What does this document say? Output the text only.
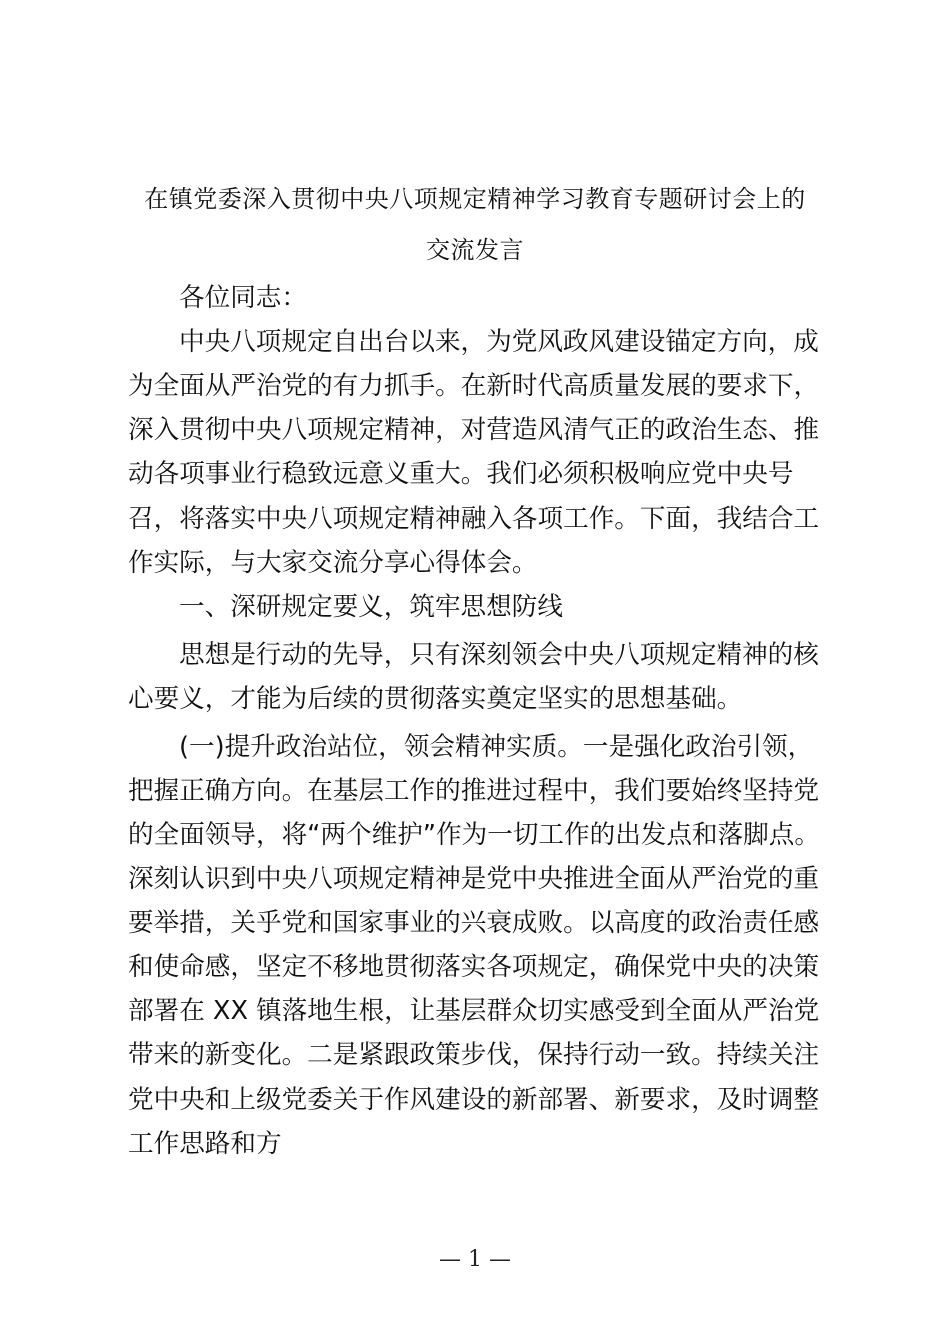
在镇党委深入贯彻中央八项规定精神学习教育专题研讨会上的
交流发言
各位同志：
中央八项规定自出台以来，为党风政风建设锚定方向，成
为全面从严治党的有力抓手。在新时代高质量发展的要求下，
深入贯彻中央八项规定精神，对营造风清气正的政治生态、推
动各项事业行稳致远意义重大。我们必须积极响应党中央号
召，将落实中央八项规定精神融入各项工作。下面，我结合工
作实际，与大家交流分享心得体会。
一、深研规定要义，筑牢思想防线
思想是行动的先导，只有深刻领会中央八项规定精神的核
心要义，才能为后续的贯彻落实奠定坚实的思想基础。
(一)提升政治站位，领会精神实质。一是强化政治引领，
把握正确方向。在基层工作的推进过程中，我们要始终坚持党
的全面领导，将“两个维护”作为一切工作的出发点和落脚点。
深刻认识到中央八项规定精神是党中央推进全面从严治党的重
要举措，关乎党和国家事业的兴衰成败。以高度的政治责任感
和使命感，坚定不移地贯彻落实各项规定，确保党中央的决策
部署在 XX 镇落地生根，让基层群众切实感受到全面从严治党
带来的新变化。二是紧跟政策步伐，保持行动一致。持续关注
党中央和上级党委关于作风建设的新部署、新要求，及时调整
工作思路和方
— 1 —
